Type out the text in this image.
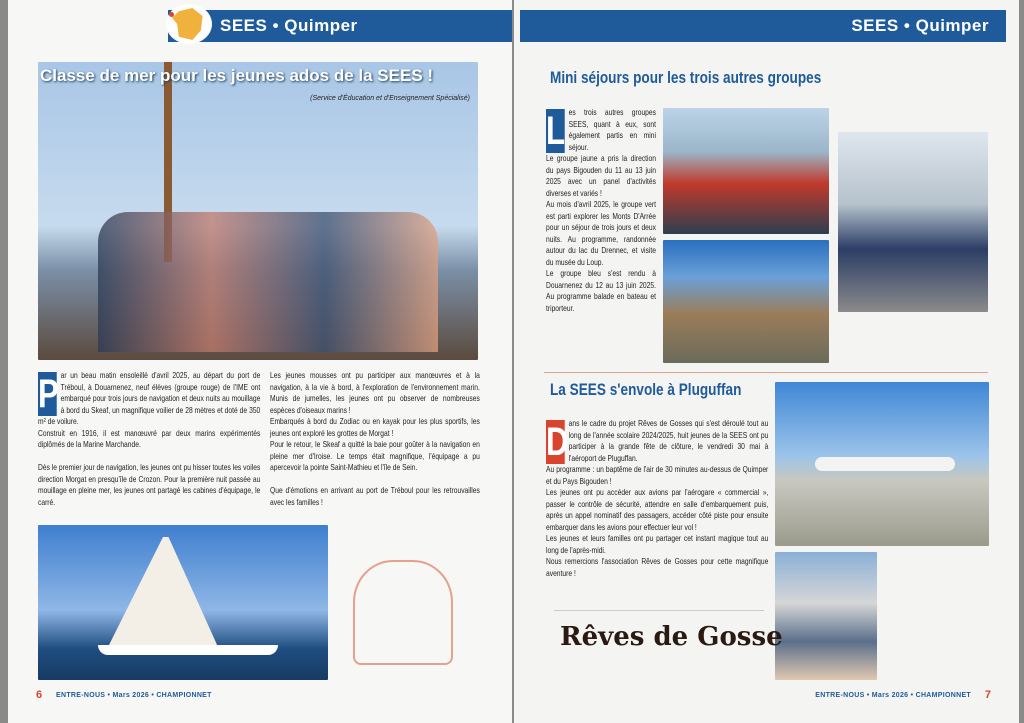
SEES • Quimper
Classe de mer pour les jeunes ados de la SEES !
(Service d'Éducation et d'Enseignement Spécialisé)
P ar un beau matin ensoleillé d'avril 2025, au départ du port de Tréboul, à Douarnenez, neuf élèves (groupe rouge) de l'IME ont embarqué pour trois jours de navigation et deux nuits au mouillage à bord du Skeaf, un magnifique voilier de 28 mètres et doté de 350 m² de voilure.

Construit en 1916, il est manœuvré par deux marins expérimentés diplômés de la Marine Marchande.

Dès le premier jour de navigation, les jeunes ont pu hisser toutes les voiles direction Morgat en presqu'île de Crozon. Pour la première nuit passée au mouillage en pleine mer, les jeunes ont partagé les cabines d'équipage, le carré.

Les jeunes mousses ont pu participer aux manœuvres et à la navigation, à la vie à bord, à l'exploration de l'environnement marin. Munis de jumelles, les jeunes ont pu observer de nombreuses espèces d'oiseaux marins !

Embarqués à bord du Zodiac ou en kayak pour les plus sportifs, les jeunes ont exploré les grottes de Morgat !

Pour le retour, le Skeaf a quitté la baie pour goûter à la navigation en pleine mer d'Iroise. Le temps était magnifique, l'équipage a pu apercevoir la pointe Saint-Mathieu et l'île de Sein.

Que d'émotions en arrivant au port de Tréboul pour les retrouvailles avec les familles !

6 ENTRE-NOUS • Mars 2026 • CHAMPIONNET
SEES • Quimper
Mini séjours pour les trois autres groupes
L es trois autres groupes SEES, quant à eux, sont également partis en mini séjour.

Le groupe jaune a pris la direction du pays Bigouden du 11 au 13 juin 2025 avec un panel d'activités diverses et variés !

Au mois d'avril 2025, le groupe vert est parti explorer les Monts D'Arrée pour un séjour de trois jours et deux nuits. Au programme, randonnée autour du lac du Drennec, et visite du musée du Loup.

Le groupe bleu s'est rendu à Douarnenez du 12 au 13 juin 2025. Au programme balade en bateau et triporteur.

La SEES s'envole à Pluguffan
D ans le cadre du projet Rêves de Gosses qui s'est déroulé tout au long de l'année scolaire 2024/2025, huit jeunes de la SEES ont pu participer à la grande fête de clôture, le vendredi 30 mai à l'aéroport de Pluguffan.

Au programme : un baptême de l'air de 30 minutes au-dessus de Quimper et du Pays Bigouden !

Les jeunes ont pu accéder aux avions par l'aérogare « commercial », passer le contrôle de sécurité, attendre en salle d'embarquement puis, après un appel nominatif des passagers, accéder côté piste pour ensuite embarquer dans les avions pour effectuer leur vol !

Les jeunes et leurs familles ont pu partager cet instant magique tout au long de l'après-midi.

Nous remercions l'association Rêves de Gosses pour cette magnifique aventure !

Rêves de Gosse
ENTRE-NOUS • Mars 2026 • CHAMPIONNET 7
